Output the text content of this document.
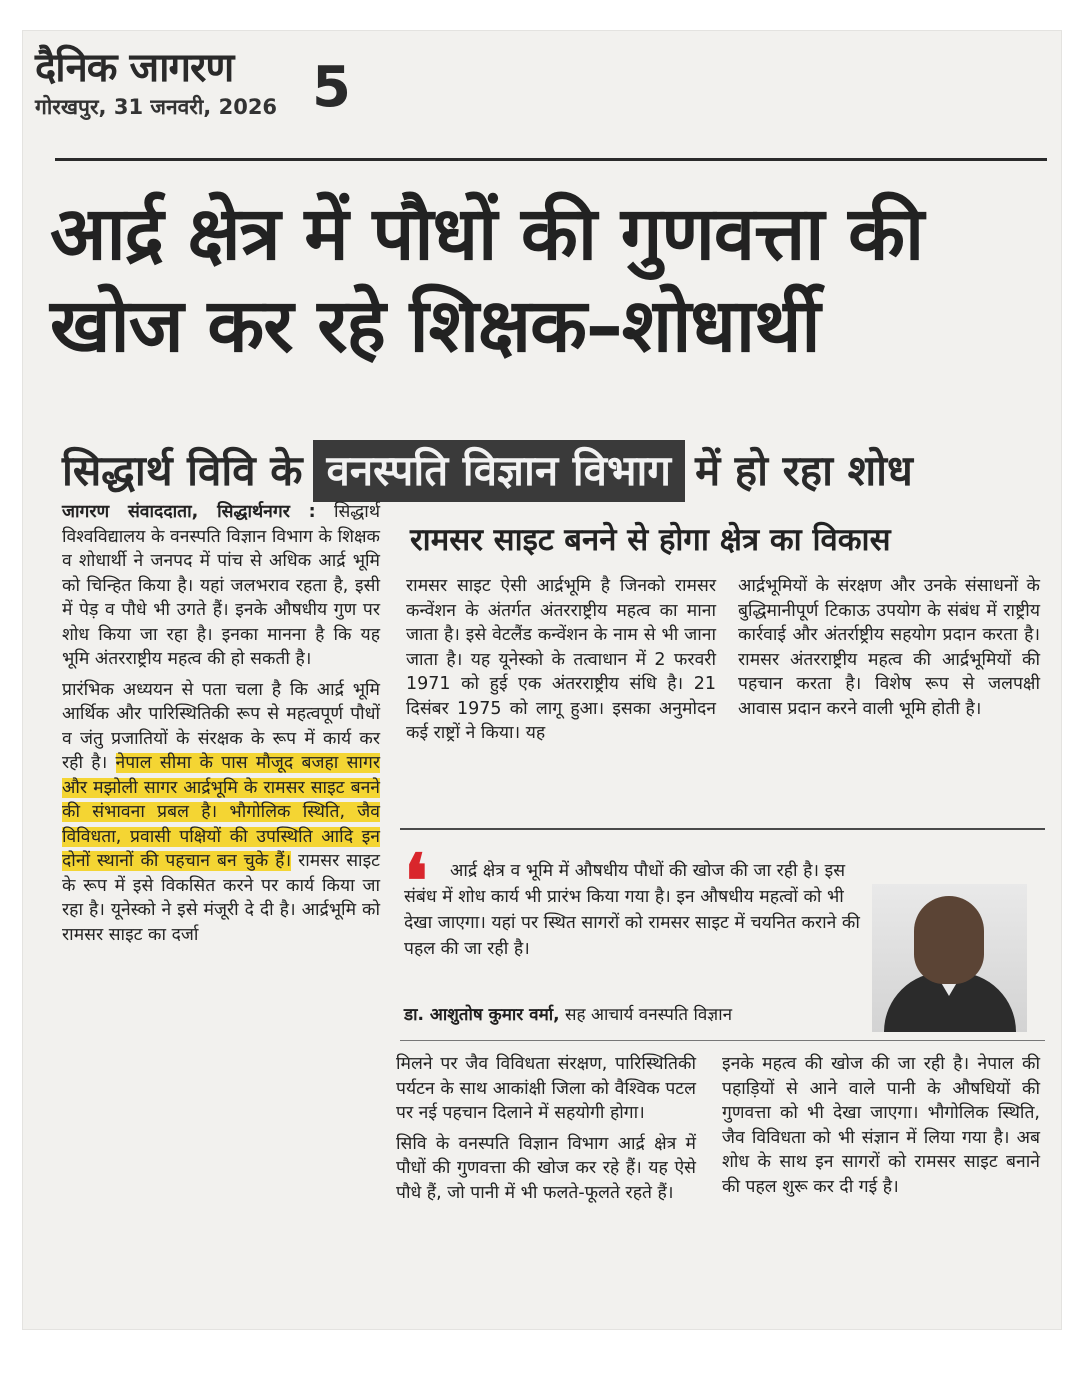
दैनिक जागरण
गोरखपुर, 31 जनवरी, 2026 5
आर्द्र क्षेत्र में पौधों की गुणवत्ता की
खोज कर रहे शिक्षक–शोधार्थी
सिद्धार्थ विवि के वनस्पति विज्ञान विभाग में हो रहा शोध

जागरण संवाददाता, सिद्धार्थनगर : सिद्धार्थ विश्वविद्यालय के वनस्पति विज्ञान विभाग के शिक्षक व शोधार्थी ने जनपद में पांच से अधिक आर्द्र भूमि को चिन्हित किया है। यहां जलभराव रहता है, इसी में पेड़ व पौधे भी उगते हैं। इनके औषधीय गुण पर शोध किया जा रहा है। इनका मानना है कि यह भूमि अंतरराष्ट्रीय महत्व की हो सकती है।

प्रारंभिक अध्ययन से पता चला है कि आर्द्र भूमि आर्थिक और पारिस्थितिकी रूप से महत्वपूर्ण पौधों व जंतु प्रजातियों के संरक्षक के रूप में कार्य कर रही है। नेपाल सीमा के पास मौजूद बजहा सागर और मझोली सागर आर्द्रभूमि के रामसर साइट बनने की संभावना प्रबल है। भौगोलिक स्थिति, जैव विविधता, प्रवासी पक्षियों की उपस्थिति आदि इन दोनों स्थानों की पहचान बन चुके हैं। रामसर साइट के रूप में इसे विकसित करने पर कार्य किया जा रहा है। यूनेस्को ने इसे मंजूरी दे दी है। आर्द्रभूमि को रामसर साइट का दर्जा

रामसर साइट बनने से होगा क्षेत्र का विकास
रामसर साइट ऐसी आर्द्रभूमि है जिनको रामसर कन्वेंशन के अंतर्गत अंतरराष्ट्रीय महत्व का माना जाता है। इसे वेटलैंड कन्वेंशन के नाम से भी जाना जाता है। यह यूनेस्को के तत्वाधान में 2 फरवरी 1971 को हुई एक अंतरराष्ट्रीय संधि है। 21 दिसंबर 1975 को लागू हुआ। इसका अनुमोदन कई राष्ट्रों ने किया। यह
आर्द्रभूमियों के संरक्षण और उनके संसाधनों के बुद्धिमानीपूर्ण टिकाऊ उपयोग के संबंध में राष्ट्रीय कार्रवाई और अंतर्राष्ट्रीय सहयोग प्रदान करता है। रामसर अंतरराष्ट्रीय महत्व की आर्द्रभूमियों की पहचान करता है। विशेष रूप से जलपक्षी आवास प्रदान करने वाली भूमि होती है।
❛	आर्द्र क्षेत्र व भूमि में औषधीय पौधों की खोज की जा रही है। इस संबंध में शोध कार्य भी प्रारंभ किया गया है। इन औषधीय महत्वों को भी देखा जाएगा। यहां पर स्थित सागरों को रामसर साइट में चयनित कराने की पहल की जा रही है।

डा. आशुतोष कुमार वर्मा, सह आचार्य वनस्पति विज्ञान

मिलने पर जैव विविधता संरक्षण, पारिस्थितिकी पर्यटन के साथ आकांक्षी जिला को वैश्विक पटल पर नई पहचान दिलाने में सहयोगी होगा।

सिवि के वनस्पति विज्ञान विभाग आर्द्र क्षेत्र में पौधों की गुणवत्ता की खोज कर रहे हैं। यह ऐसे पौधे हैं, जो पानी में भी फलते-फूलते रहते हैं।

इनके महत्व की खोज की जा रही है। नेपाल की पहाड़ियों से आने वाले पानी के औषधियों की गुणवत्ता को भी देखा जाएगा। भौगोलिक स्थिति, जैव विविधता को भी संज्ञान में लिया गया है। अब शोध के साथ इन सागरों को रामसर साइट बनाने की पहल शुरू कर दी गई है।
